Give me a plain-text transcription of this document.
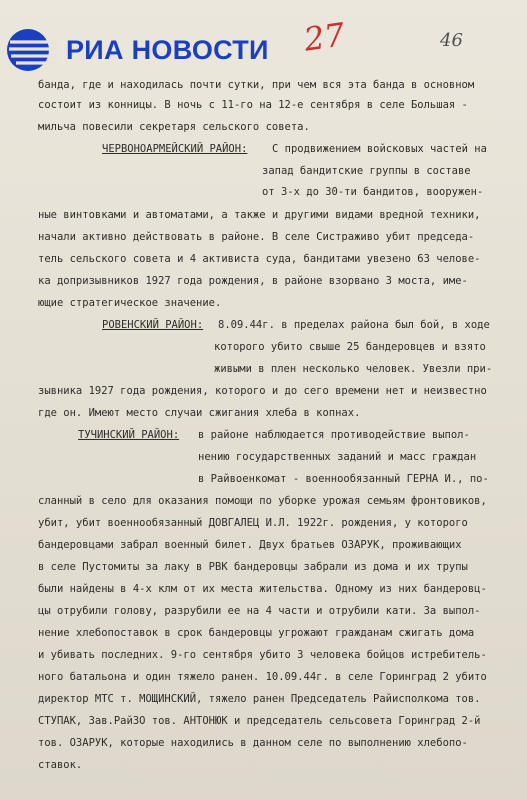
РИА НОВОСТИ 27	46

банда, где и находилась почти сутки, при чем вся эта банда в основном

состоит из конницы. В ночь с 11-го на 12-е сентября в селе Большая -

мильча повесили секретаря сельского совета.

ЧЕРВОНОАРМЕЙСКИЙ РАЙОН: С продвижением войсковых частей на

запад бандитские группы в составе

от 3-х до 30-ти бандитов, вооружен-

ные винтовками и автоматами, а также и другими видами вредной техники,

начали активно действовать в районе. В селе Систраживо убит председа-

тель сельского совета и 4 активиста суда, бандитами увезено 63 челове-

ка допризывников 1927 года рождения, в районе взорвано 3 моста, име-

ющие стратегическое значение.

РОВЕНСКИЙ РАЙОН: 8.09.44г. в пределах района был бой, в ходе

которого убито свыше 25 бандеровцев и взято

живыми в плен несколько человек. Увезли при-

зывника 1927 года рождения, которого и до сего времени нет и неизвестно

где он. Имеют место случаи сжигания хлеба в копнах.

ТУЧИНСКИЙ РАЙОН: в районе наблюдается противодействие выпол-

нению государственных заданий и масс граждан

в Райвоенкомат - военнообязанный ГЕРНА И., по-

сланный в село для оказания помощи по уборке урожая семьям фронтовиков,

убит, убит военнообязанный ДОВГАЛЕЦ И.Л. 1922г. рождения, у которого

бандеровцами забрал военный билет. Двух братьев ОЗАРУК, проживающих

в селе Пустомиты за лаку в РВК бандеровцы забрали из дома и их трупы

были найдены в 4-х клм от их места жительства. Одному из них бандеровц-

цы отрубили голову, разрубили ее на 4 части и отрубили кати. За выпол-

нение хлебопоставок в срок бандеровцы угрожают гражданам сжигать дома

и убивать последних. 9-го сентября убито 3 человека бойцов истребитель-

ного батальона и один тяжело ранен. 10.09.44г. в селе Горинград 2 убито

директор МТС т. МОЩИНСКИЙ, тяжело ранен Председатель Райисполкома тов.

СТУПАК, Зав.РайЗО тов. АНТОНЮК и председатель сельсовета Горинград 2-й

тов. ОЗАРУК, которые находились в данном селе по выполнению хлебопо-

ставок.
